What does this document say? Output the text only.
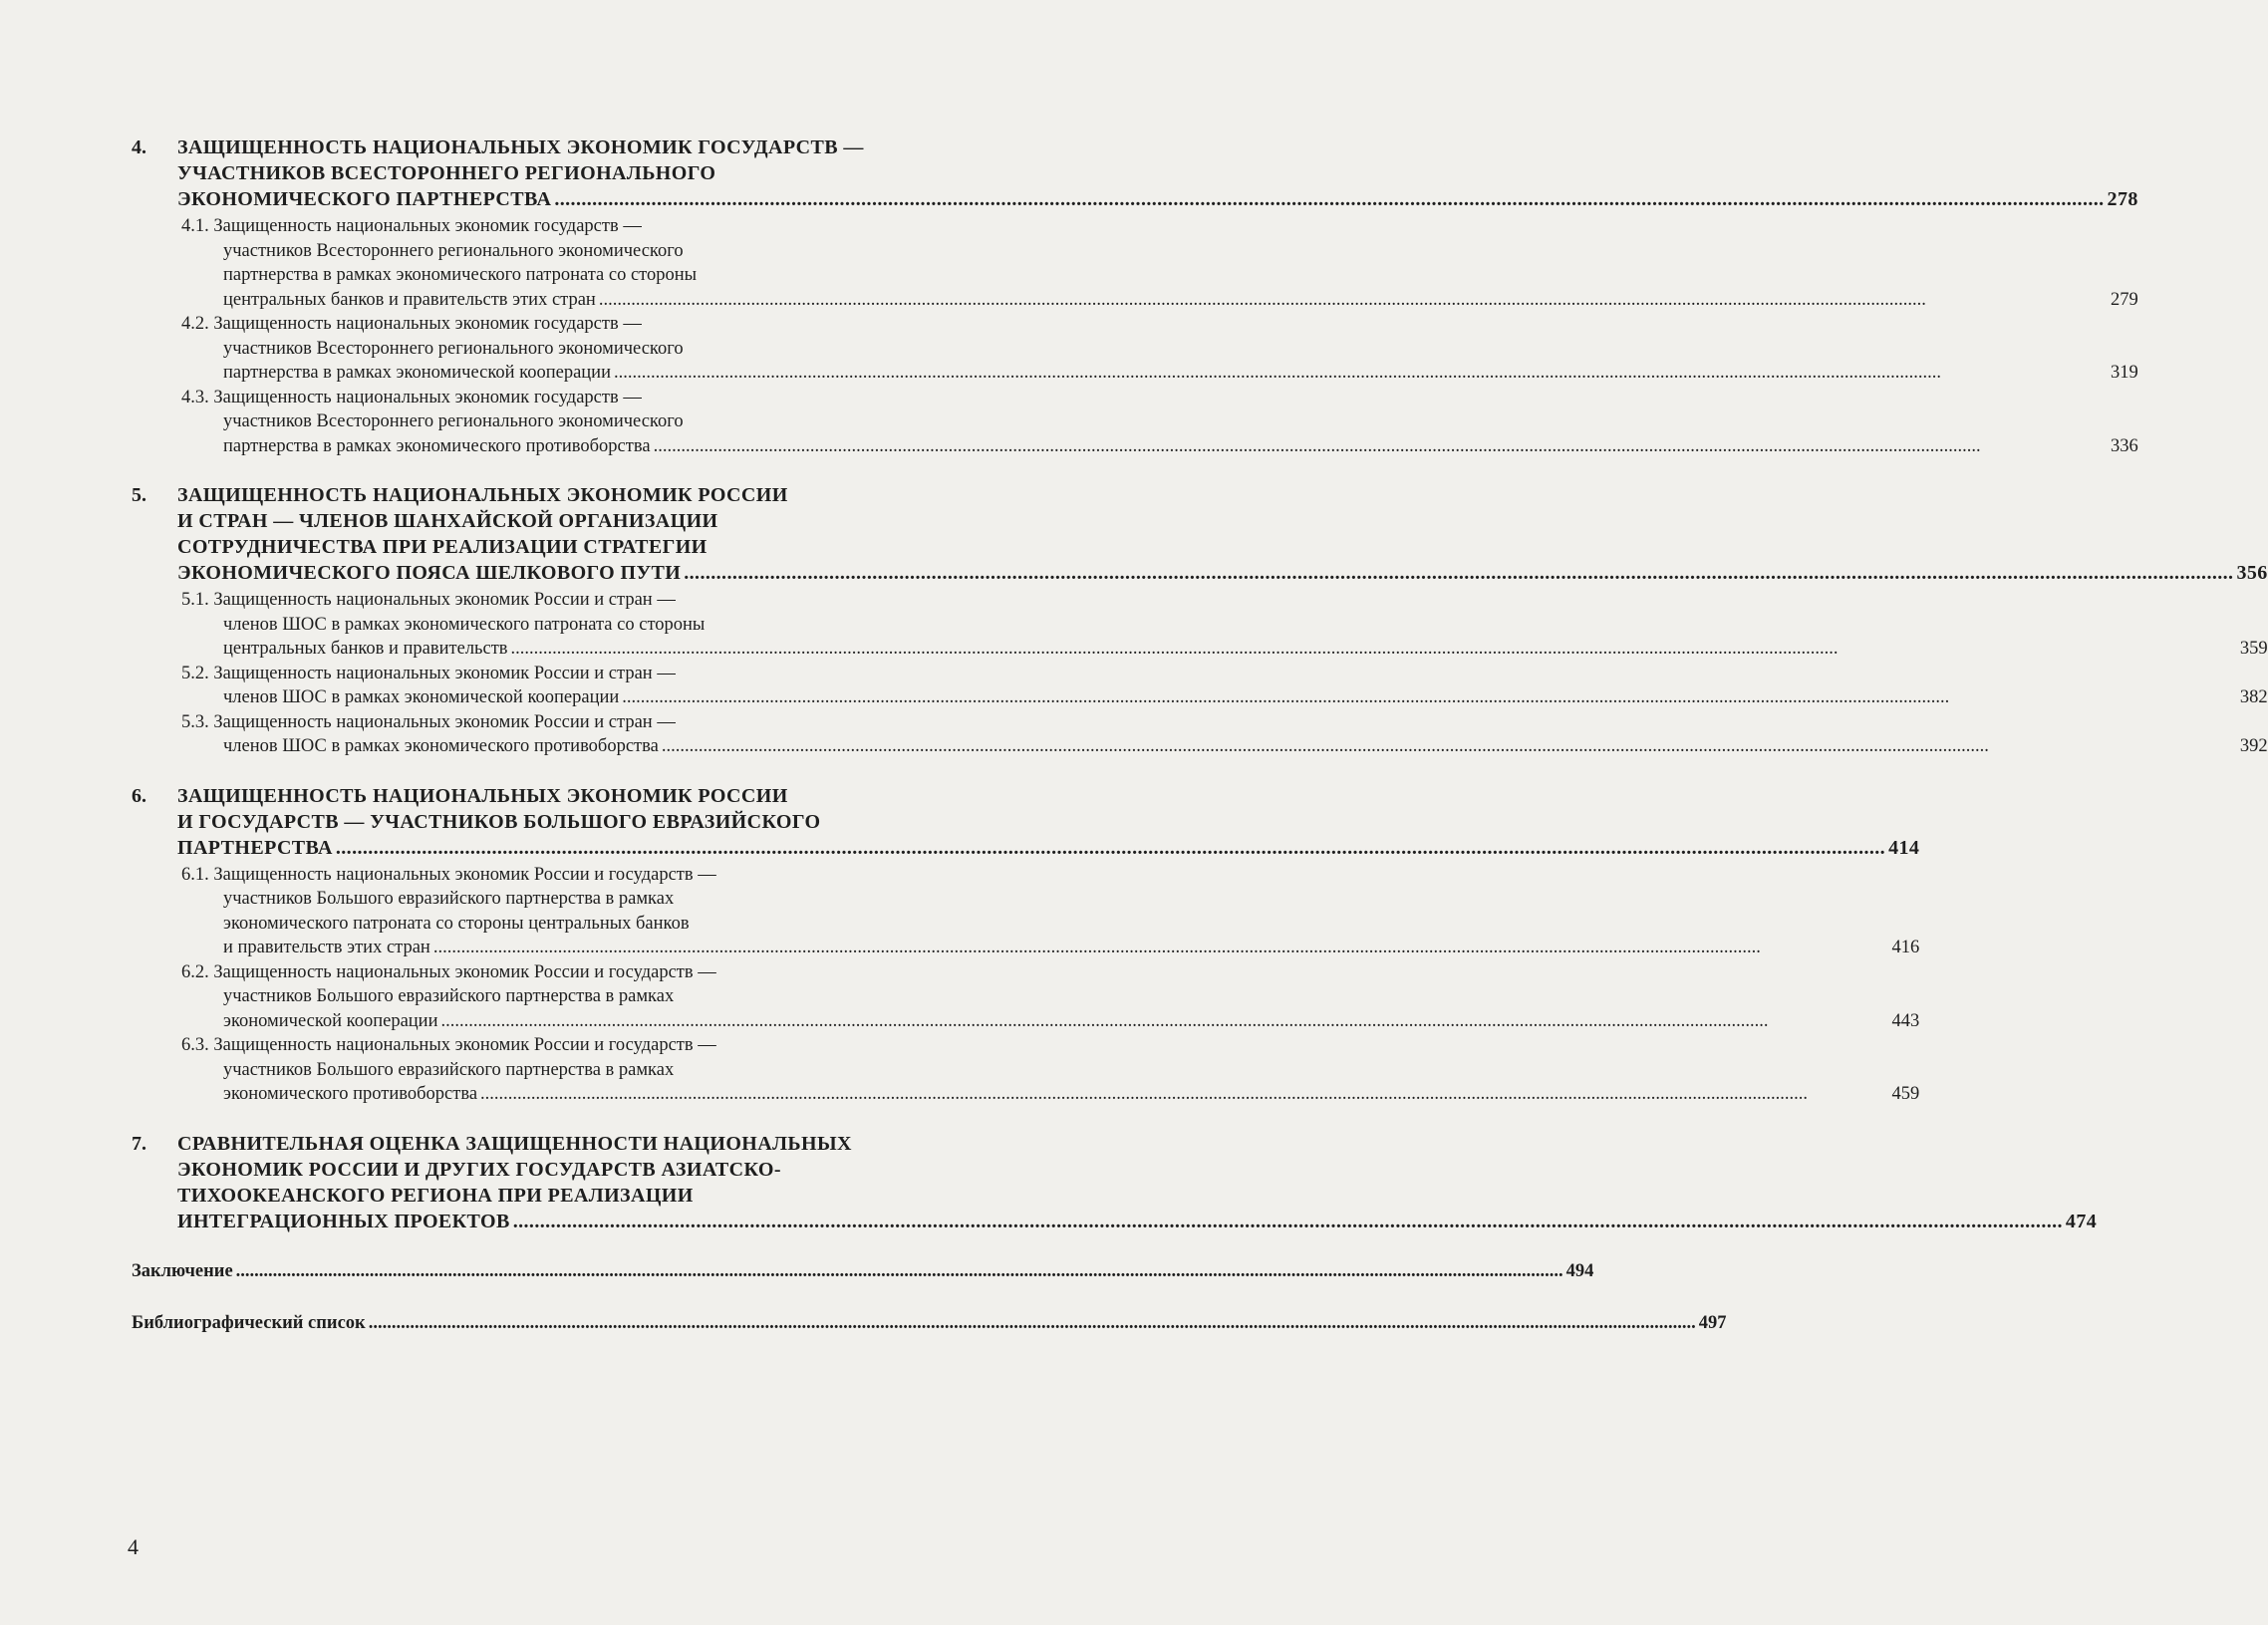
4.	ЗАЩИЩЕННОСТЬ НАЦИОНАЛЬНЫХ ЭКОНОМИК ГОСУДАРСТВ —
УЧАСТНИКОВ ВСЕСТОРОННЕГО РЕГИОНАЛЬНОГО
ЭКОНОМИЧЕСКОГО ПАРТНЕРСТВА .....	278
4.1. Защищенность национальных экономик государств —
участников Всестороннего регионального экономического
партнерства в рамках экономического патроната со стороны
центральных банков и правительств этих стран .....	279
4.2. Защищенность национальных экономик государств —
участников Всестороннего регионального экономического
партнерства в рамках экономической кооперации .....	319
4.3. Защищенность национальных экономик государств —
участников Всестороннего регионального экономического
партнерства в рамках экономического противоборства .....	336
5.	ЗАЩИЩЕННОСТЬ НАЦИОНАЛЬНЫХ ЭКОНОМИК РОССИИ
И СТРАН — ЧЛЕНОВ ШАНХАЙСКОЙ ОРГАНИЗАЦИИ
СОТРУДНИЧЕСТВА ПРИ РЕАЛИЗАЦИИ СТРАТЕГИИ
ЭКОНОМИЧЕСКОГО ПОЯСА ШЕЛКОВОГО ПУТИ .....	356
5.1. Защищенность национальных экономик России и стран —
членов ШОС в рамках экономического патроната со стороны
центральных банков и правительств .....	359
5.2. Защищенность национальных экономик России и стран —
членов ШОС в рамках экономической кооперации .....	382
5.3. Защищенность национальных экономик России и стран —
членов ШОС в рамках экономического противоборства .....	392
6.	ЗАЩИЩЕННОСТЬ НАЦИОНАЛЬНЫХ ЭКОНОМИК РОССИИ
И ГОСУДАРСТВ — УЧАСТНИКОВ БОЛЬШОГО ЕВРАЗИЙСКОГО
ПАРТНЕРСТВА .....	414
6.1. Защищенность национальных экономик России и государств —
участников Большого евразийского партнерства в рамках
экономического патроната со стороны центральных банков
и правительств этих стран .....	416
6.2. Защищенность национальных экономик России и государств —
участников Большого евразийского партнерства в рамках
экономической кооперации .....	443
6.3. Защищенность национальных экономик России и государств —
участников Большого евразийского партнерства в рамках
экономического противоборства .....	459
7.	СРАВНИТЕЛЬНАЯ ОЦЕНКА ЗАЩИЩЕННОСТИ НАЦИОНАЛЬНЫХ
ЭКОНОМИК РОССИИ И ДРУГИХ ГОСУДАРСТВ АЗИАТСКО-
ТИХООКЕАНСКОГО РЕГИОНА ПРИ РЕАЛИЗАЦИИ
ИНТЕГРАЦИОННЫХ ПРОЕКТОВ .....	474
Заключение .....	494
Библиографический список .....	497
4
